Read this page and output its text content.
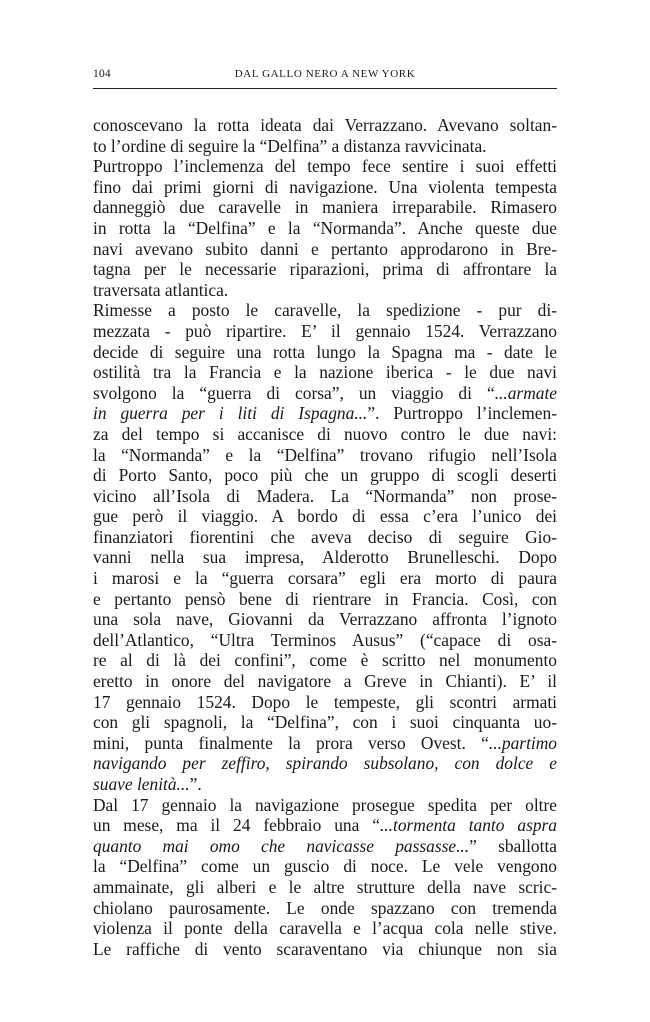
104	DAL GALLO NERO A NEW YORK

conoscevano la rotta ideata dai Verrazzano. Avevano soltan-
to l’ordine di seguire la “Delfina” a distanza ravvicinata.

Purtroppo l’inclemenza del tempo fece sentire i suoi effetti
fino dai primi giorni di navigazione. Una violenta tempesta
danneggiò due caravelle in maniera irreparabile. Rimasero
in rotta la “Delfina” e la “Normanda”. Anche queste due
navi avevano subito danni e pertanto approdarono in Bre-
tagna per le necessarie riparazioni, prima di affrontare la
traversata atlantica.

Rimesse a posto le caravelle, la spedizione - pur di-
mezzata - può ripartire. E’ il gennaio 1524. Verrazzano
decide di seguire una rotta lungo la Spagna ma - date le
ostilità tra la Francia e la nazione iberica - le due navi
svolgono la “guerra di corsa”, un viaggio di “...armate
in guerra per i liti di Ispagna...”. Purtroppo l’inclemen-
za del tempo si accanisce di nuovo contro le due navi:
la “Normanda” e la “Delfina” trovano rifugio nell’Isola
di Porto Santo, poco più che un gruppo di scogli deserti
vicino all’Isola di Madera. La “Normanda” non prose-
gue però il viaggio. A bordo di essa c’era l’unico dei
finanziatori fiorentini che aveva deciso di seguire Gio-
vanni nella sua impresa, Alderotto Brunelleschi. Dopo
i marosi e la “guerra corsara” egli era morto di paura
e pertanto pensò bene di rientrare in Francia. Così, con
una sola nave, Giovanni da Verrazzano affronta l’ignoto
dell’Atlantico, “Ultra Terminos Ausus” (“capace di osa-
re al di là dei confini”, come è scritto nel monumento
eretto in onore del navigatore a Greve in Chianti). E’ il
17 gennaio 1524. Dopo le tempeste, gli scontri armati
con gli spagnoli, la “Delfina”, con i suoi cinquanta uo-
mini, punta finalmente la prora verso Ovest. “...partimo
navigando per zeffiro, spirando subsolano, con dolce e
suave lenità...”.

Dal 17 gennaio la navigazione prosegue spedita per oltre
un mese, ma il 24 febbraio una “...tormenta tanto aspra
quanto mai omo che navicasse passasse...” sballotta
la “Delfina” come un guscio di noce. Le vele vengono
ammainate, gli alberi e le altre strutture della nave scric-
chiolano paurosamente. Le onde spazzano con tremenda
violenza il ponte della caravella e l’acqua cola nelle stive.
Le raffiche di vento scaraventano via chiunque non sia
